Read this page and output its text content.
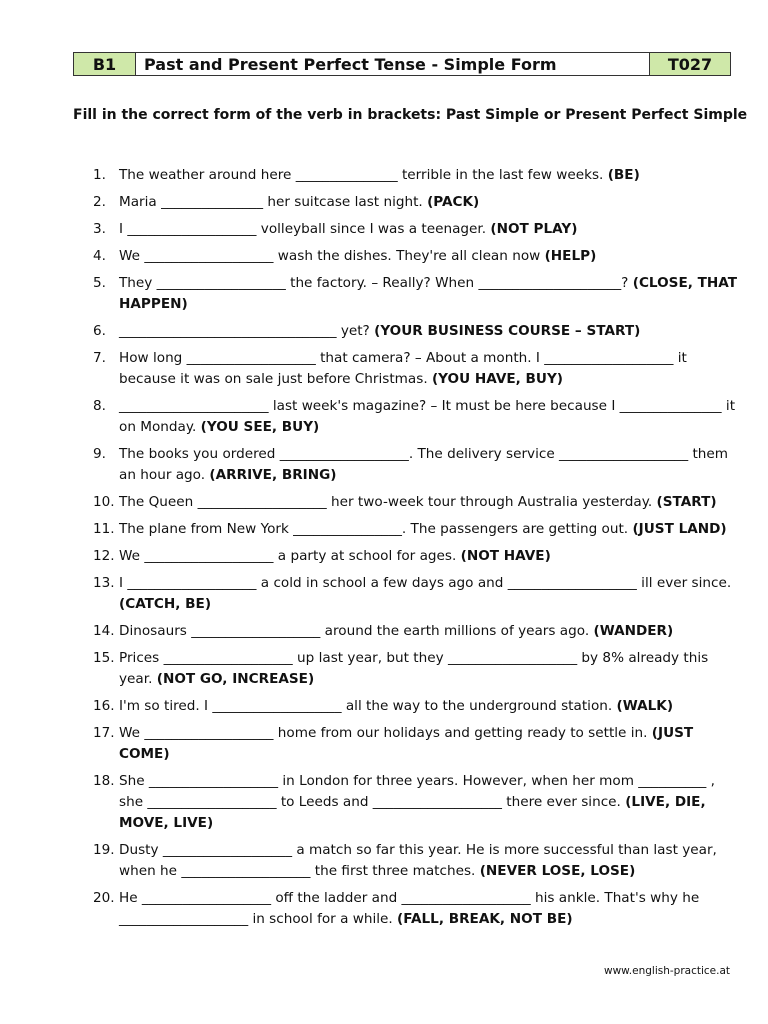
B1	Past and Present Perfect Tense - Simple Form	T027
Fill in the correct form of the verb in brackets: Past Simple or Present Perfect Simple
1. The weather around here _______________ terrible in the last few weeks. (BE)
2. Maria _______________ her suitcase last night. (PACK)
3. I ___________________ volleyball since I was a teenager. (NOT PLAY)
4. We ___________________ wash the dishes. They're all clean now (HELP)
5. They ___________________ the factory. – Really? When _____________________? (CLOSE, THAT HAPPEN)
6. ________________________________ yet? (YOUR BUSINESS COURSE – START)
7. How long ___________________ that camera? – About a month. I ___________________ it because it was on sale just before Christmas. (YOU HAVE, BUY)
8. ______________________ last week's magazine? – It must be here because I _______________ it on Monday. (YOU SEE, BUY)
9. The books you ordered ___________________. The delivery service ___________________ them an hour ago. (ARRIVE, BRING)
10. The Queen ___________________ her two-week tour through Australia yesterday. (START)
11. The plane from New York ________________. The passengers are getting out. (JUST LAND)
12. We ___________________ a party at school for ages. (NOT HAVE)
13. I ___________________ a cold in school a few days ago and ___________________ ill ever since. (CATCH, BE)
14. Dinosaurs ___________________ around the earth millions of years ago. (WANDER)
15. Prices ___________________ up last year, but they ___________________ by 8% already this year. (NOT GO, INCREASE)
16. I'm so tired. I ___________________ all the way to the underground station. (WALK)
17. We ___________________ home from our holidays and getting ready to settle in. (JUST COME)
18. She ___________________ in London for three years. However, when her mom __________ , she ___________________ to Leeds and ___________________ there ever since. (LIVE, DIE, MOVE, LIVE)
19. Dusty ___________________ a match so far this year. He is more successful than last year, when he ___________________ the first three matches. (NEVER LOSE, LOSE)
20. He ___________________ off the ladder and ___________________ his ankle. That's why he ___________________ in school for a while. (FALL, BREAK, NOT BE)
www.english-practice.at
